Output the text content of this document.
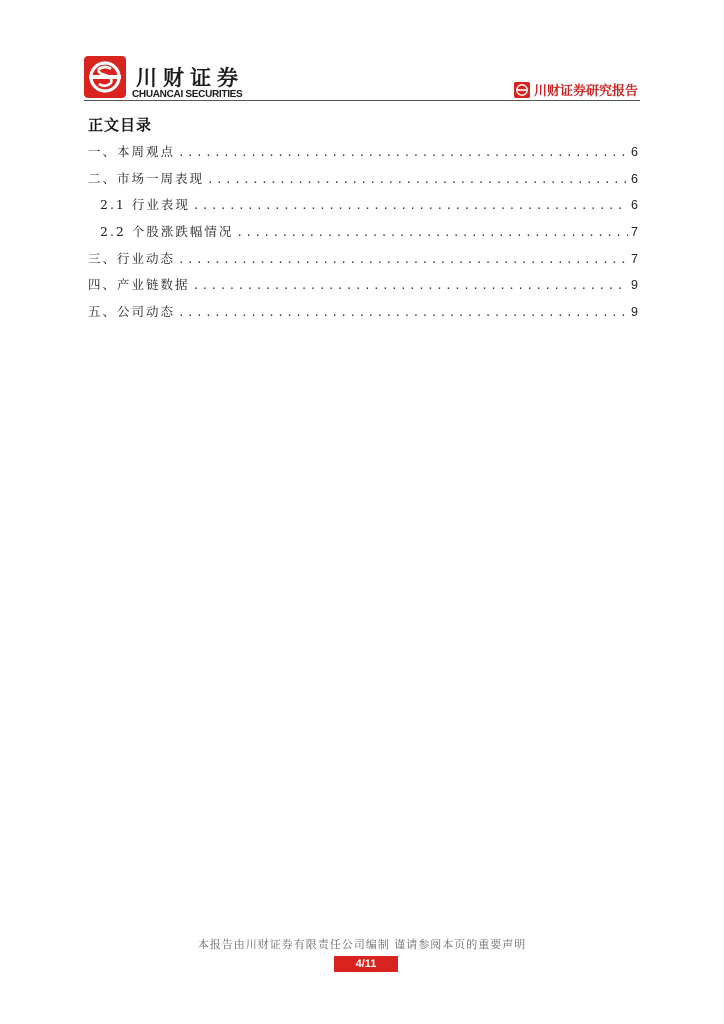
川财证券
CHUANCAI SECURITIES	川财证券研究报告
正文目录
一、本周观点 .....	6
二、市场一周表现 .....	6
2.1 行业表现 .....	6
2.2 个股涨跌幅情况 .....	7
三、行业动态 .....	7
四、产业链数据 .....	9
五、公司动态 .....	9
本报告由川财证券有限责任公司编制 谨请参阅本页的重要声明
4/11
